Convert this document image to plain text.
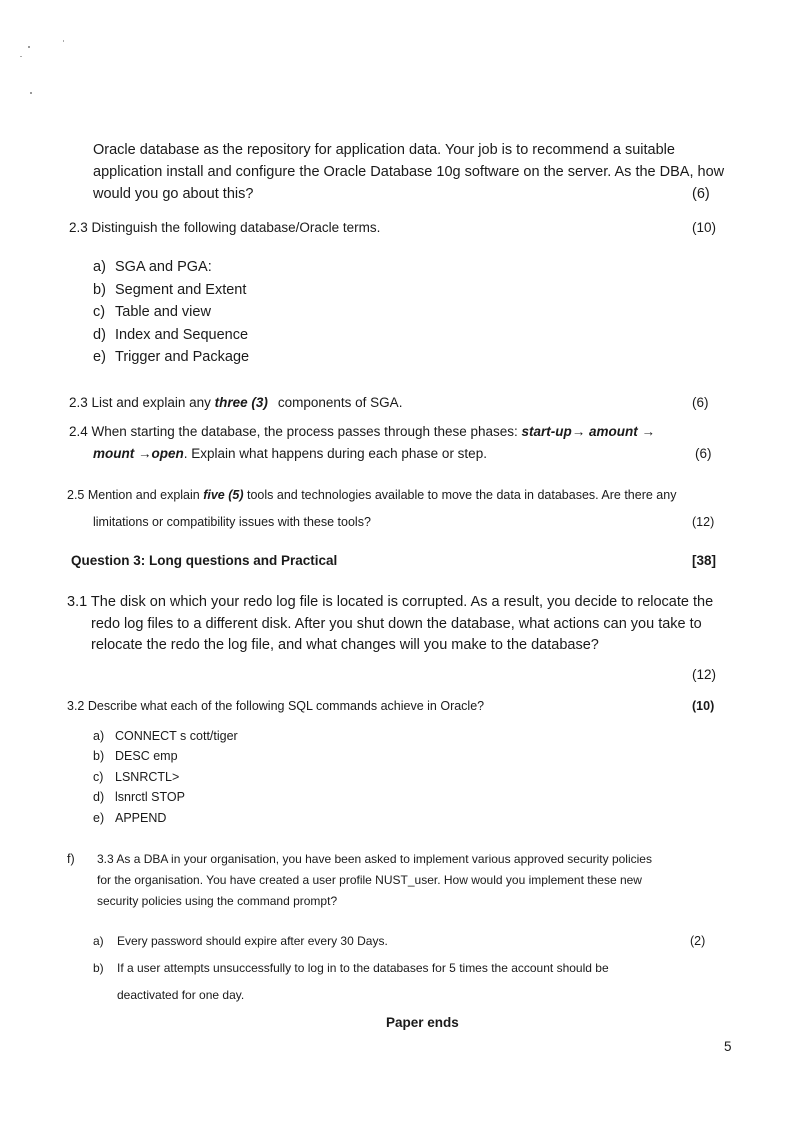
Oracle database as the repository for application data. Your job is to recommend a suitable
application install and configure the Oracle Database 10g software on the server. As the DBA, how
would you go about this?	(6)
2.3 Distinguish the following database/Oracle terms.	(10)
a) SGA and PGA:
b) Segment and Extent
c) Table and view
d) Index and Sequence
e) Trigger and Package
2.3 List and explain any three (3) components of SGA.	(6)
2.4 When starting the database, the process passes through these phases: start-up→ amount →
mount →open. Explain what happens during each phase or step.	(6)
2.5 Mention and explain five (5) tools and technologies available to move the data in databases. Are there any
limitations or compatibility issues with these tools?	(12)
Question 3: Long questions and Practical	[38]
3.1 The disk on which your redo log file is located is corrupted. As a result, you decide to relocate the
redo log files to a different disk. After you shut down the database, what actions can you take to
relocate the redo the log file, and what changes will you make to the database?
(12)
3.2 Describe what each of the following SQL commands achieve in Oracle?	(10)
a) CONNECT s cott/tiger
b) DESC emp
c) LSNRCTL>
d) lsnrctl STOP
e) APPEND
f) 3.3 As a DBA in your organisation, you have been asked to implement various approved security policies
for the organisation. You have created a user profile NUST_user. How would you implement these new
security policies using the command prompt?
a) Every password should expire after every 30 Days.	(2)
b) If a user attempts unsuccessfully to log in to the databases for 5 times the account should be
deactivated for one day.
Paper ends
5
